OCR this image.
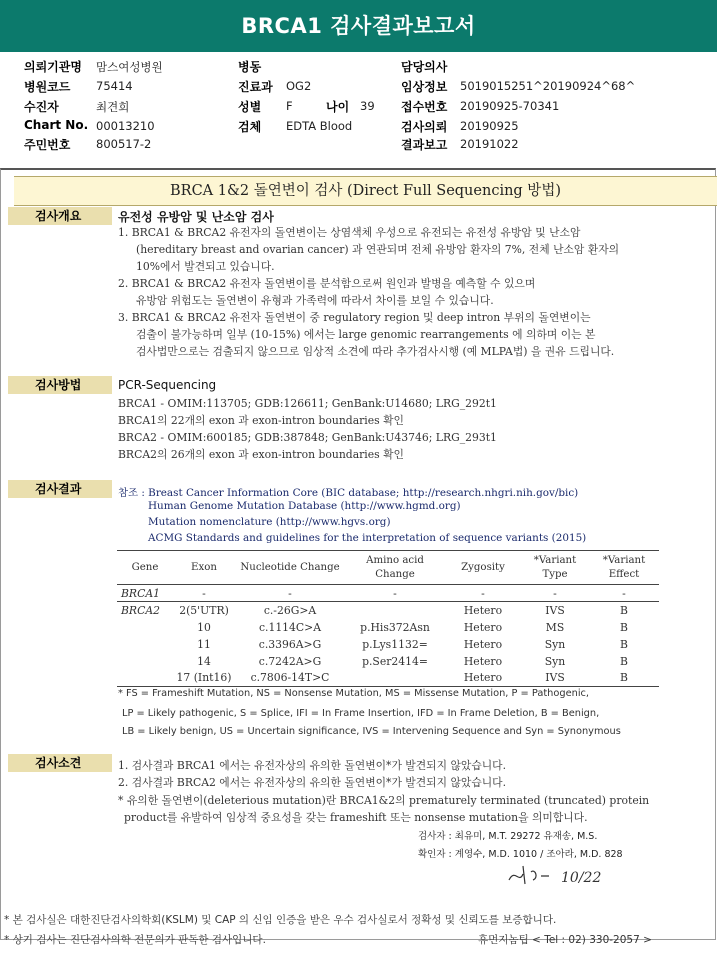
BRCA1 검사결과보고서
의뢰기관명 맘스여성병원
병원코드 75414
수진자	최견희
Chart No. 00013210
주민번호 800517-2
병동
진료과 OG2
성별 F	나이 39
검체 EDTA Blood
담당의사
임상정보 5019015251^20190924^68^
접수번호 20190925-70341
검사의뢰 20190925
결과보고 20191022
BRCA 1&2 돌연변이 검사 (Direct Full Sequencing 방법)
검사개요	유전성 유방암 및 난소암 검사
1. BRCA1 & BRCA2 유전자의 돌연변이는 상염색체 우성으로 유전되는 유전성 유방암 및 난소암
(hereditary breast and ovarian cancer) 과 연관되며 전체 유방암 환자의 7%, 전체 난소암 환자의
10%에서 발견되고 있습니다.
2. BRCA1 & BRCA2 유전자 돌연변이를 분석함으로써 원인과 발병을 예측할 수 있으며
유방암 위험도는 돌연변이 유형과 가족력에 따라서 차이를 보일 수 있습니다.
3. BRCA1 & BRCA2 유전자 돌연변이 중 regulatory region 및 deep intron 부위의 돌연변이는
검출이 불가능하며 일부 (10-15%) 에서는 large genomic rearrangements 에 의하며 이는 본
검사법만으로는 검출되지 않으므로 임상적 소견에 따라 추가검사시행 (예 MLPA법) 을 권유 드립니다.
검사방법	PCR-Sequencing
BRCA1 - OMIM:113705; GDB:126611; GenBank:U14680; LRG_292t1
BRCA1의 22개의 exon 과 exon-intron boundaries 확인
BRCA2 - OMIM:600185; GDB:387848; GenBank:U43746; LRG_293t1
BRCA2의 26개의 exon 과 exon-intron boundaries 확인
검사결과	참조 : Breast Cancer Information Core (BIC database; http://research.nhgri.nih.gov/bic)
Human Genome Mutation Database (http://www.hgmd.org)
Mutation nomenclature (http://www.hgvs.org)
ACMG Standards and guidelines for the interpretation of sequence variants (2015)
Gene	Exon	Nucleotide Change	Amino acid Change	Zygosity	*Variant Type	*Variant Effect
BRCA1	-	-	-	-	-	-
BRCA2	2(5'UTR)	c.-26G>A		Hetero	IVS	B
	10	c.1114C>A	p.His372Asn	Hetero	MS	B
	11	c.3396A>G	p.Lys1132=	Hetero	Syn	B
	14	c.7242A>G	p.Ser2414=	Hetero	Syn	B
	17 (Int16)	c.7806-14T>C		Hetero	IVS	B
* FS = Frameshift Mutation, NS = Nonsense Mutation, MS = Missense Mutation, P = Pathogenic,
LP = Likely pathogenic, S = Splice, IFI = In Frame Insertion, IFD = In Frame Deletion, B = Benign,
LB = Likely benign, US = Uncertain significance, IVS = Intervening Sequence and Syn = Synonymous
검사소견	1. 검사결과 BRCA1 에서는 유전자상의 유의한 돌연변이*가 발견되지 않았습니다.
2. 검사결과 BRCA2 에서는 유전자상의 유의한 돌연변이*가 발견되지 않았습니다.
* 유의한 돌연변이(deleterious mutation)란 BRCA1&2의 prematurely terminated (truncated) protein
product를 유발하여 임상적 중요성을 갖는 frameshift 또는 nonsense mutation을 의미합니다.
검사자 : 최유미, M.T. 29272 유재송, M.S.
확인자 : 계영수, M.D. 1010 / 조아라, M.D. 828
10/22
* 본 검사실은 대한진단검사의학회(KSLM) 및 CAP 의 신임 인증을 받은 우수 검사실로서 정확성 및 신뢰도를 보증합니다.
* 상기 검사는 진단검사의학 전문의가 판독한 검사입니다.	휴먼지놈팁 < Tel : 02) 330-2057 >
